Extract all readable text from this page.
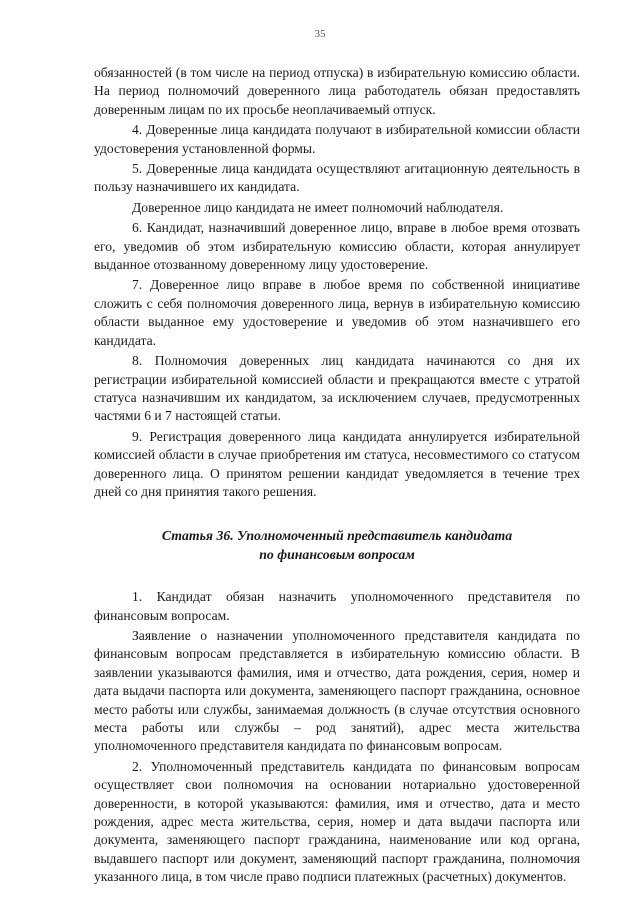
35

обязанностей (в том числе на период отпуска) в избирательную комиссию области. На период полномочий доверенного лица работодатель обязан предоставлять доверенным лицам по их просьбе неоплачиваемый отпуск.

4. Доверенные лица кандидата получают в избирательной комиссии области удостоверения установленной формы.

5. Доверенные лица кандидата осуществляют агитационную деятельность в пользу назначившего их кандидата.

Доверенное лицо кандидата не имеет полномочий наблюдателя.

6. Кандидат, назначивший доверенное лицо, вправе в любое время отозвать его, уведомив об этом избирательную комиссию области, которая аннулирует выданное отозванному доверенному лицу удостоверение.

7. Доверенное лицо вправе в любое время по собственной инициативе сложить с себя полномочия доверенного лица, вернув в избирательную комиссию области выданное ему удостоверение и уведомив об этом назначившего его кандидата.

8. Полномочия доверенных лиц кандидата начинаются со дня их регистрации избирательной комиссией области и прекращаются вместе с утратой статуса назначившим их кандидатом, за исключением случаев, предусмотренных частями 6 и 7 настоящей статьи.

9. Регистрация доверенного лица кандидата аннулируется избирательной комиссией области в случае приобретения им статуса, несовместимого со статусом доверенного лица. О принятом решении кандидат уведомляется в течение трех дней со дня принятия такого решения.

Статья 36. Уполномоченный представитель кандидата
по финансовым вопросам

1. Кандидат обязан назначить уполномоченного представителя по финансовым вопросам.

Заявление о назначении уполномоченного представителя кандидата по финансовым вопросам представляется в избирательную комиссию области. В заявлении указываются фамилия, имя и отчество, дата рождения, серия, номер и дата выдачи паспорта или документа, заменяющего паспорт гражданина, основное место работы или службы, занимаемая должность (в случае отсутствия основного места работы или службы – род занятий), адрес места жительства уполномоченного представителя кандидата по финансовым вопросам.

2. Уполномоченный представитель кандидата по финансовым вопросам осуществляет свои полномочия на основании нотариально удостоверенной доверенности, в которой указываются: фамилия, имя и отчество, дата и место рождения, адрес места жительства, серия, номер и дата выдачи паспорта или документа, заменяющего паспорт гражданина, наименование или код органа, выдавшего паспорт или документ, заменяющий паспорт гражданина, полномочия указанного лица, в том числе право подписи платежных (расчетных) документов.
